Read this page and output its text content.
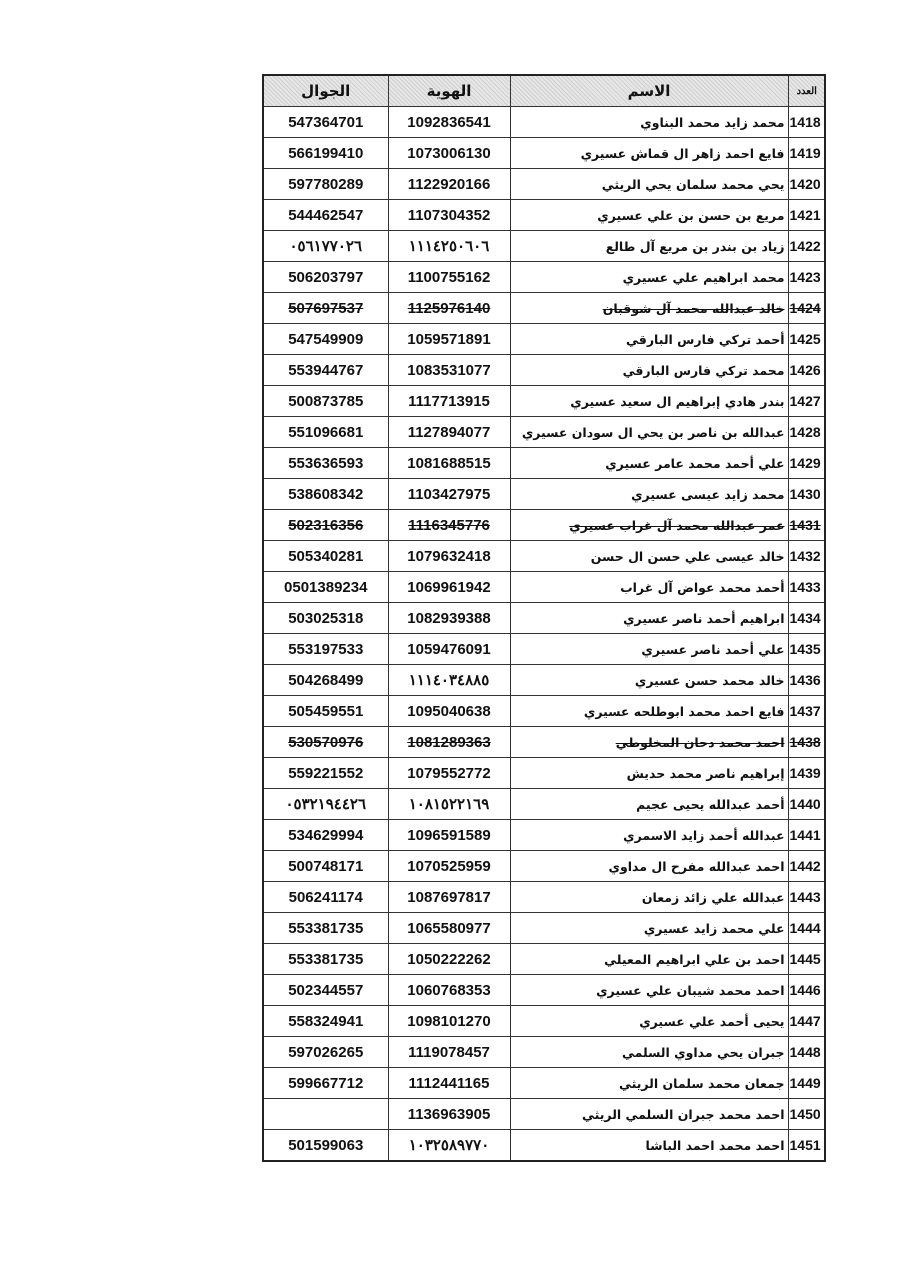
الجوال	الهوية	الاسم	العدد
547364701	1092836541	محمد زايد محمد البناوي	1418
566199410	1073006130	فايع احمد زاهر ال قماش عسيري	1419
597780289	1122920166	يحي محمد سلمان يحي الريثي	1420
544462547	1107304352	مريع بن حسن بن علي عسيري	1421
٠٥٦١٧٧٠٢٦	١١١٤٢٥٠٦٠٦	زياد بن بندر بن مريع آل طالع	1422
506203797	1100755162	محمد ابراهيم علي عسيري	1423
507697537	1125976140	خالد عبدالله محمد آل شوقبان	1424
547549909	1059571891	أحمد تركي فارس البارقي	1425
553944767	1083531077	محمد تركي فارس البارقي	1426
500873785	1117713915	بندر هادي إبراهيم ال سعيد عسيري	1427
551096681	1127894077	عبدالله بن ناصر بن يحي ال سودان عسيري	1428
553636593	1081688515	علي أحمد محمد عامر عسيري	1429
538608342	1103427975	محمد زايد عيسى عسيري	1430
502316356	1116345776	عمر عبدالله محمد آل غراب عسيري	1431
505340281	1079632418	خالد عيسى علي حسن ال حسن	1432
0501389234	1069961942	أحمد محمد عواض آل غراب	1433
503025318	1082939388	ابراهيم أحمد ناصر عسيري	1434
553197533	1059476091	علي أحمد ناصر عسيري	1435
504268499	١١١٤٠٣٤٨٨٥	خالد محمد حسن عسيري	1436
505459551	1095040638	فايع احمد محمد ابوطلحه عسيري	1437
530570976	1081289363	احمد محمد دحان المخلوطي	1438
559221552	1079552772	إبراهيم ناصر محمد حديش	1439
٠٥٣٢١٩٤٤٢٦	١٠٨١٥٢٢١٦٩	أحمد عبدالله يحيى عجيم	1440
534629994	1096591589	عبدالله أحمد زايد الاسمري	1441
500748171	1070525959	احمد عبدالله مفرح ال مداوي	1442
506241174	1087697817	عبدالله علي زائد زمعان	1443
553381735	1065580977	علي محمد زايد عسيري	1444
553381735	1050222262	احمد بن علي ابراهيم المعيلي	1445
502344557	1060768353	احمد محمد شيبان علي عسيري	1446
558324941	1098101270	يحيى أحمد علي عسيري	1447
597026265	1119078457	جبران يحي مداوي السلمي	1448
599667712	1112441165	جمعان محمد سلمان الريثي	1449
	1136963905	احمد محمد جبران السلمي الريثي	1450
501599063	١٠٣٢٥٨٩٧٧٠	احمد محمد احمد الباشا	1451
